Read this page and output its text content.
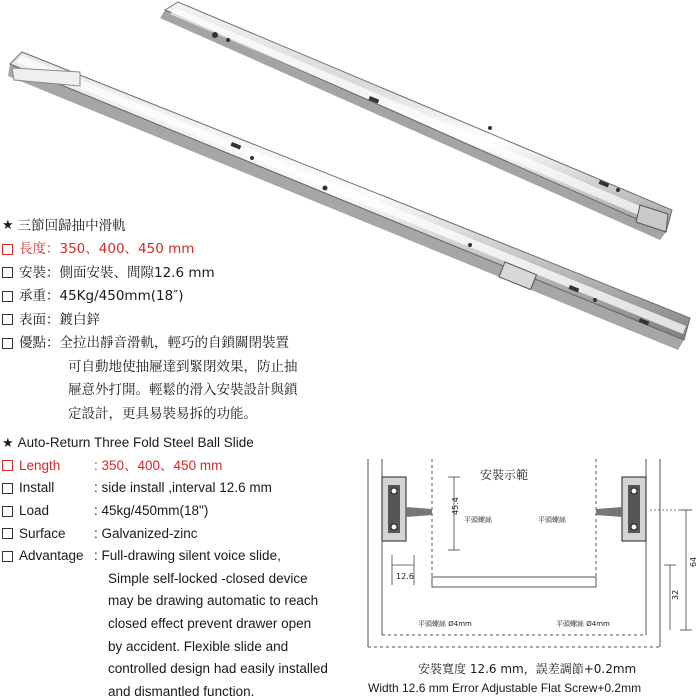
★ 三節回歸抽中滑軌
長度： 350、400、450 mm
安裝： 側面安裝、間隙12.6 mm
承重： 45Kg/450mm(18″)
表面： 鍍白鋅
優點： 全拉出靜音滑軌，輕巧的自鎖關閉裝置
可自動地使抽屜達到緊閉效果，防止抽
屜意外打開。輕鬆的滑入安裝設計與鎖
定設計，更具易裝易拆的功能。
★ Auto-Return Three Fold Steel Ball Slide
Length	: 350、400、450 mm
Install	: side install ,interval 12.6 mm
Load	: 45kg/450mm(18")
Surface	: Galvanized-zinc
Advantage : Full-drawing silent voice slide,
Simple self-locked -closed device
may be drawing automatic to reach
closed effect prevent drawer open
by accident. Flexible slide and
controlled design had easily installed
and dismantled function.
安裝示範
45.4
12.6
64
32
平頭螺絲	平頭螺絲
平頭螺絲 Ø4mm	平頭螺絲 Ø4mm
安裝寬度 12.6 mm，誤差調節+0.2mm
Width 12.6 mm Error Adjustable Flat Screw+0.2mm
